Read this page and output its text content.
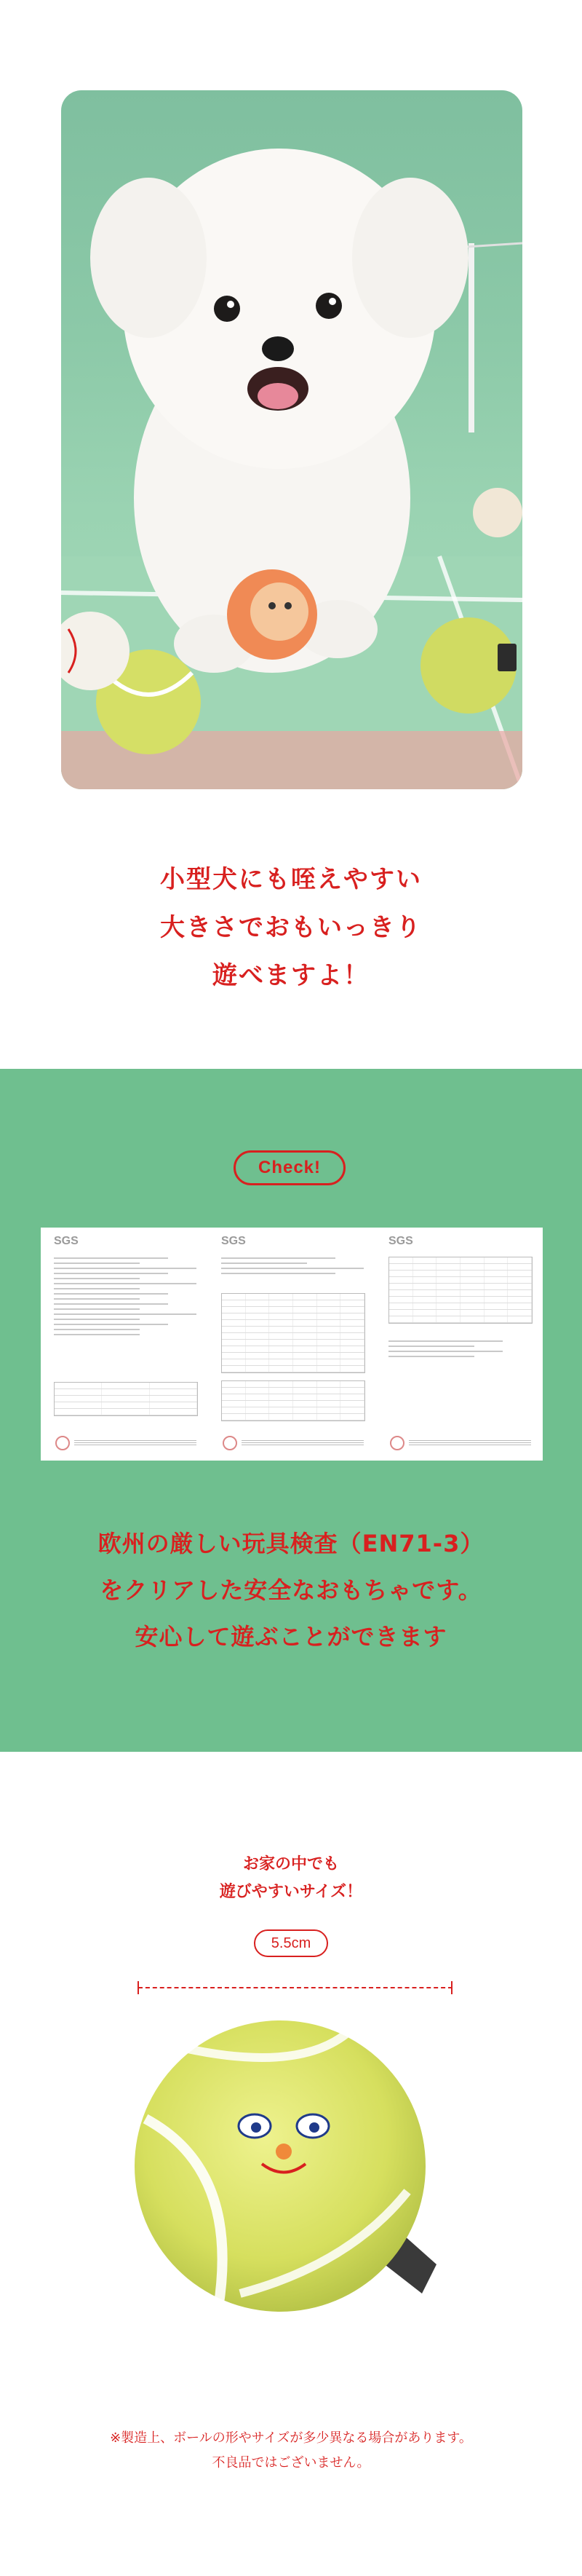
小型犬にも咥えやすい
大きさでおもいっきり
遊べますよ！
Check!
SGS	SGS	SGS
欧州の厳しい玩具検査（EN71-3）
をクリアした安全なおもちゃです。
安心して遊ぶことができます
お家の中でも
遊びやすいサイズ！
5.5cm
※製造上、ボールの形やサイズが多少異なる場合があります。
不良品ではございません。
